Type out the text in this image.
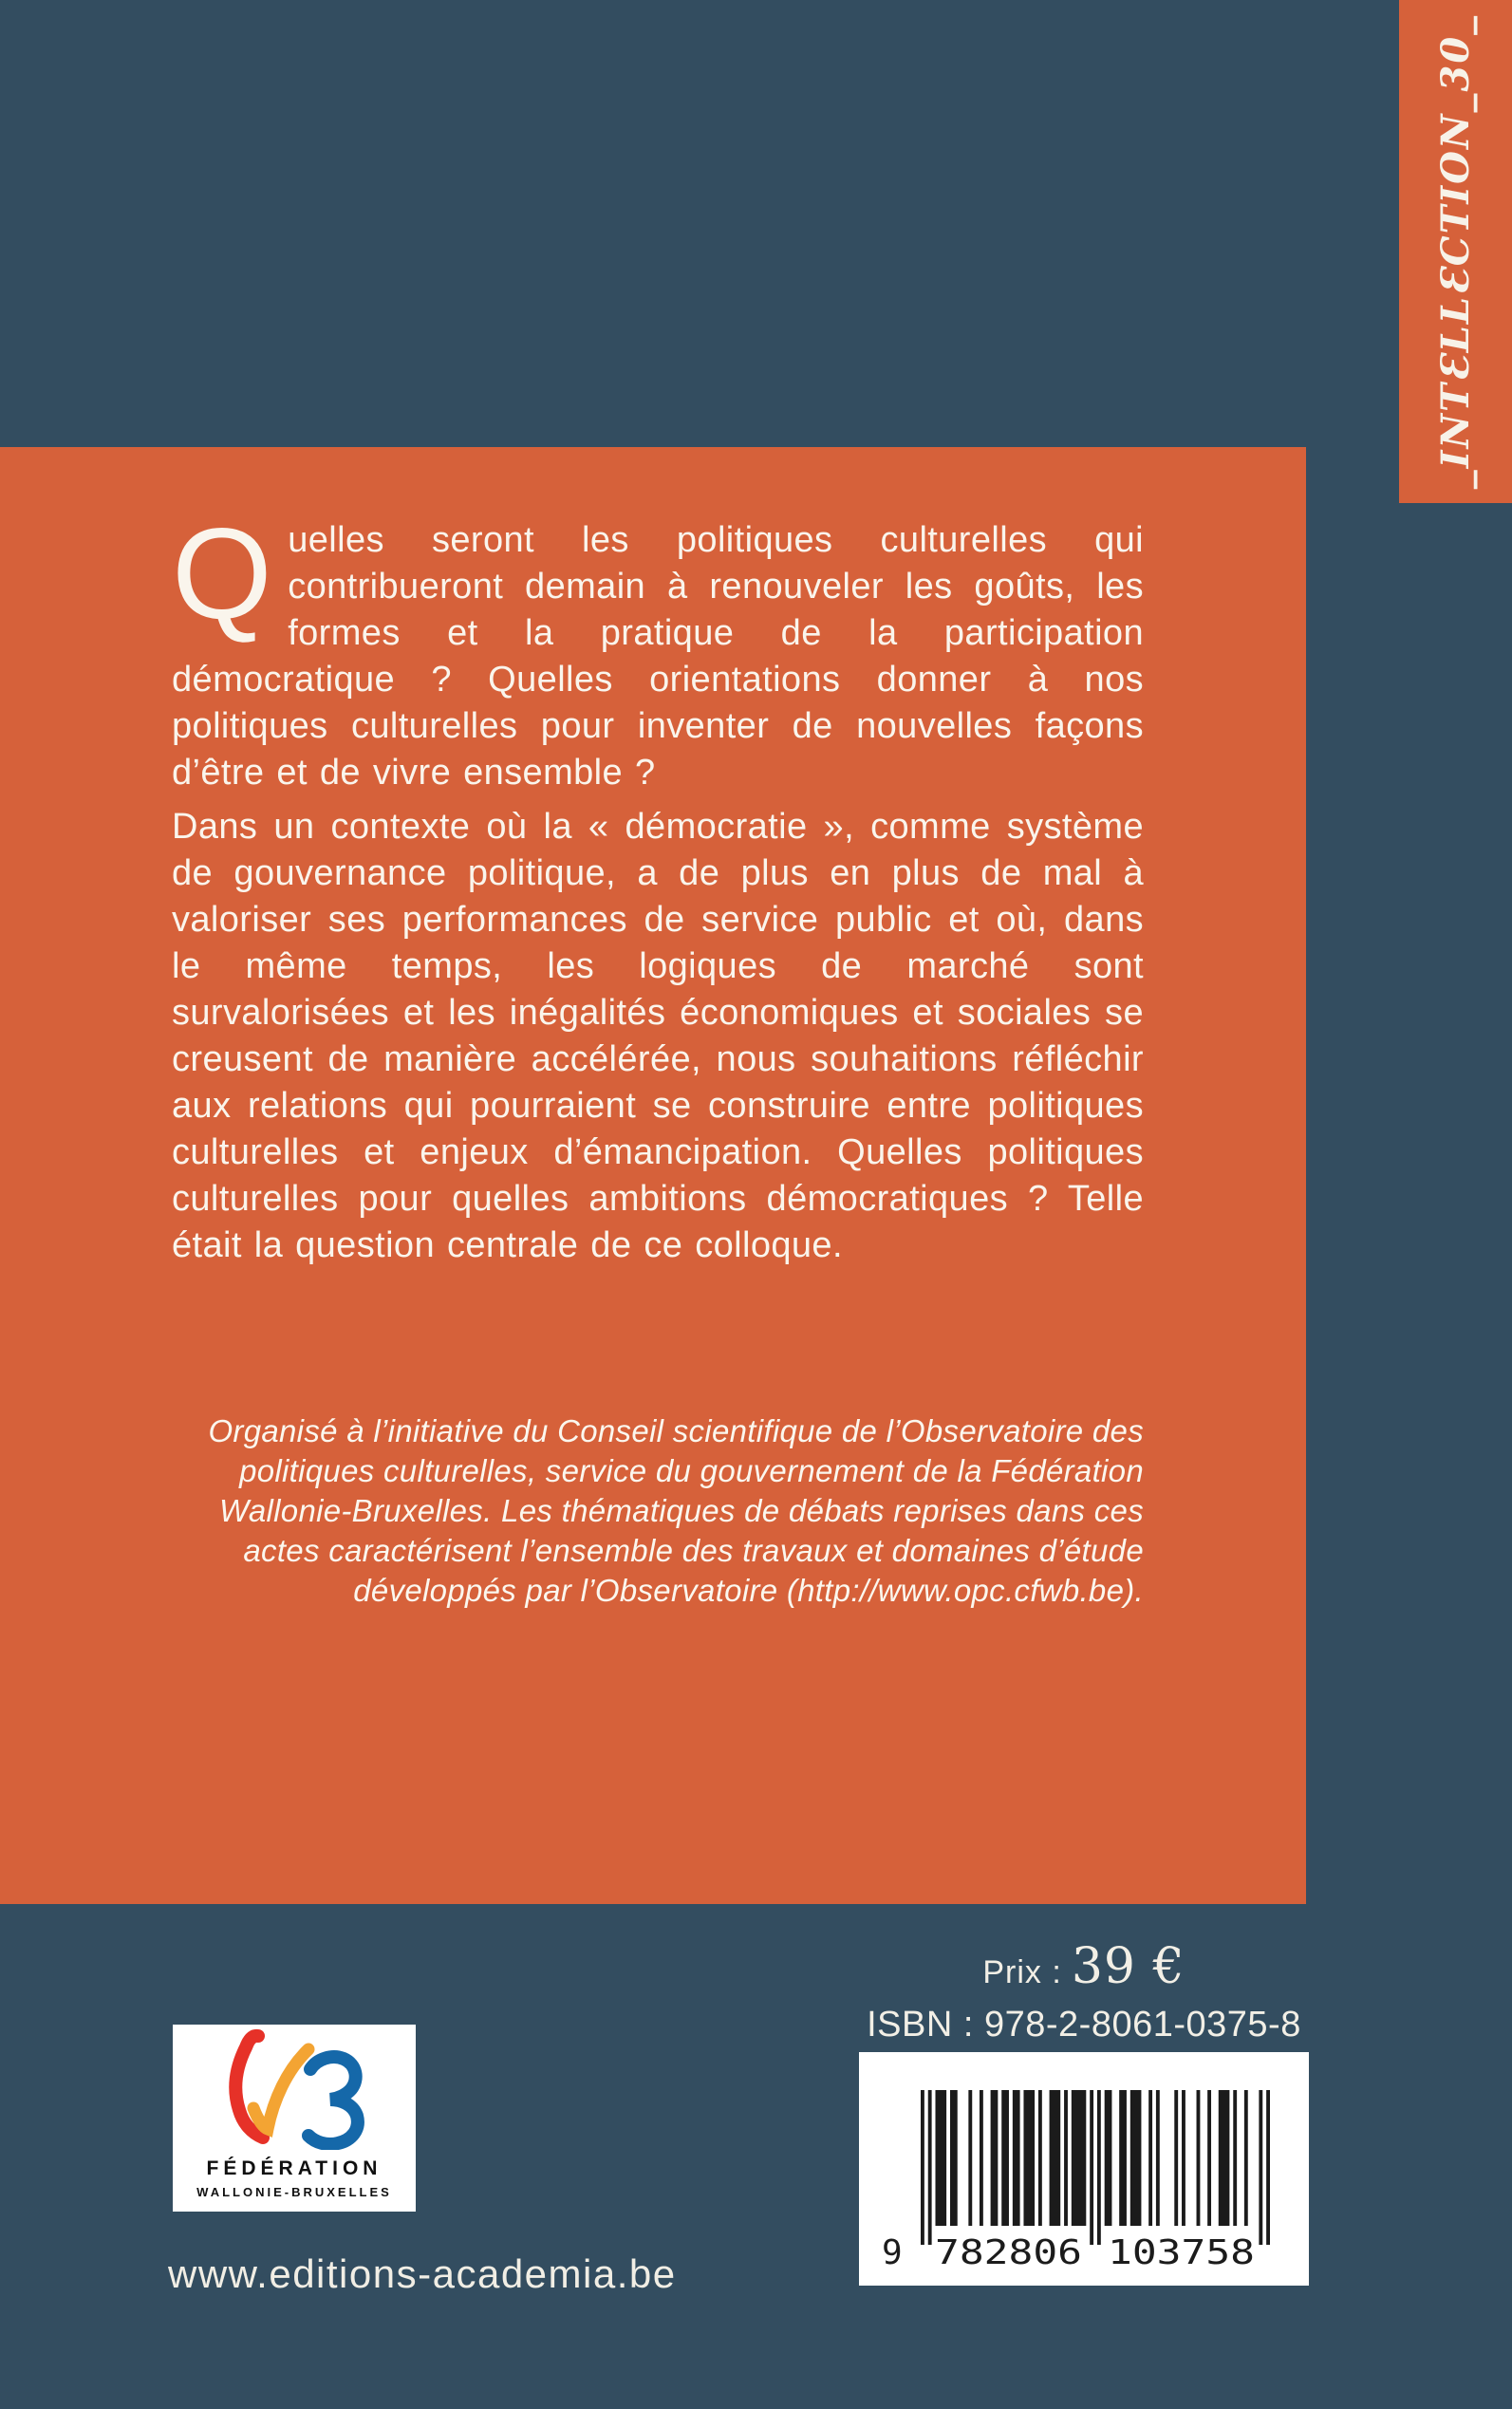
_INTƐLLƐCTION_30_

Quelles seront les politiques culturelles qui contribueront demain à renouveler les goûts, les formes et la pratique de la participation démocratique ? Quelles orientations donner à nos politiques culturelles pour inventer de nouvelles façons d’être et de vivre ensemble ?

Dans un contexte où la « démocratie », comme système de gouvernance politique, a de plus en plus de mal à valoriser ses performances de service public et où, dans le même temps, les logiques de marché sont survalorisées et les inégalités économiques et sociales se creusent de manière accélérée, nous souhaitions réfléchir aux relations qui pourraient se construire entre politiques culturelles et enjeux d’émancipation. Quelles politiques culturelles pour quelles ambitions démocratiques ? Telle était la question centrale de ce colloque.

Organisé à l’initiative du Conseil scientifique de l’Observatoire des politiques culturelles, service du gouvernement de la Fédération Wallonie-Bruxelles. Les thématiques de débats reprises dans ces actes caractérisent l’ensemble des travaux et domaines d’étude développés par l’Observatoire (http://www.opc.cfwb.be).

Prix : 39 €
ISBN : 978-2-8061-0375-8
9 782806 103758
FÉDÉRATION
WALLONIE-BRUXELLES
www.editions-academia.be
